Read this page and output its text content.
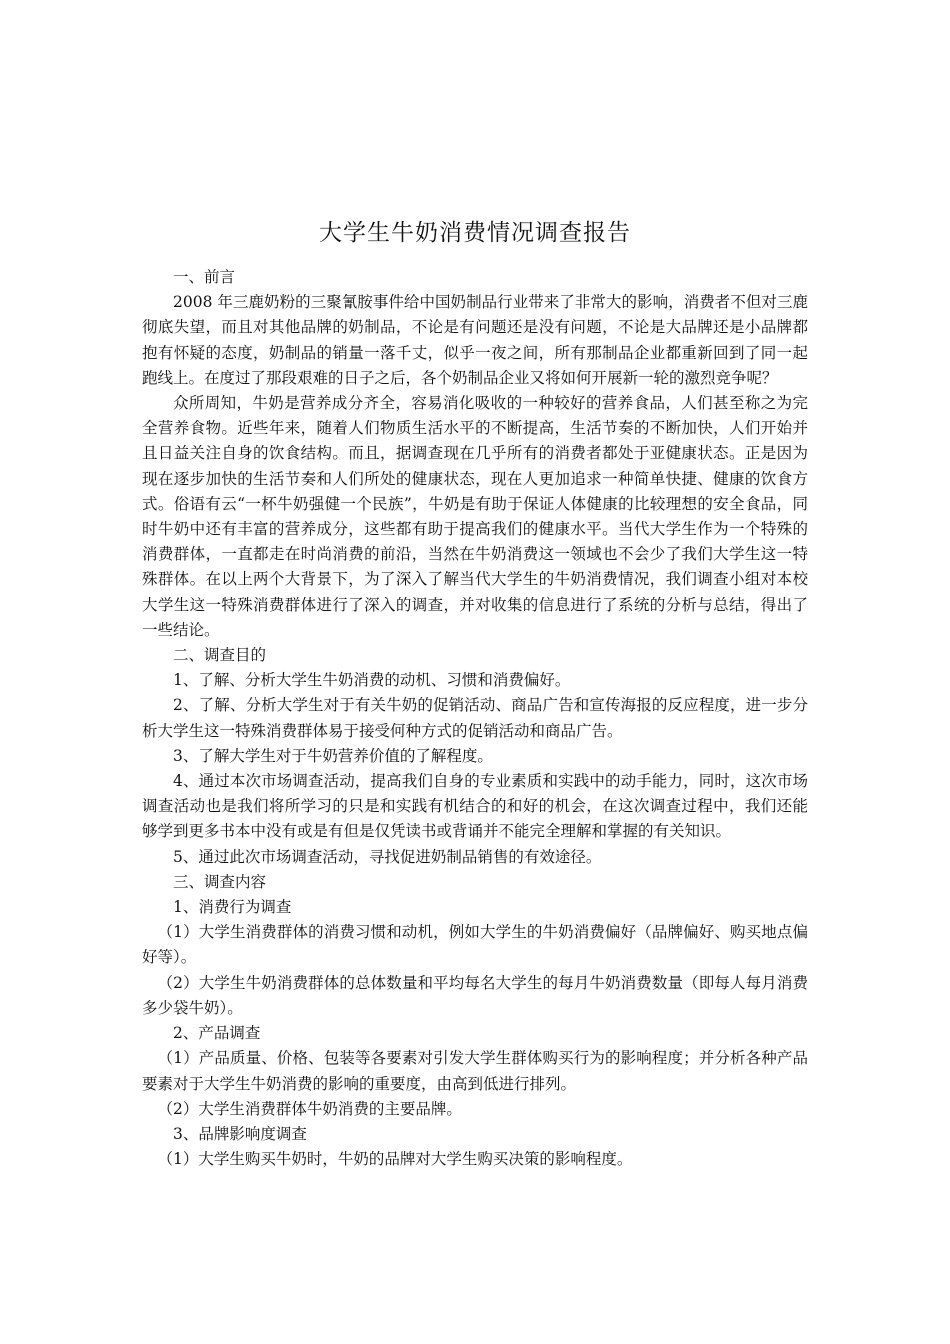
大学生牛奶消费情况调查报告

一、前言

2008 年三鹿奶粉的三聚氰胺事件给中国奶制品行业带来了非常大的影响，消费者不但对三鹿彻底失望，而且对其他品牌的奶制品，不论是有问题还是没有问题，不论是大品牌还是小品牌都抱有怀疑的态度，奶制品的销量一落千丈，似乎一夜之间，所有那制品企业都重新回到了同一起跑线上。在度过了那段艰难的日子之后，各个奶制品企业又将如何开展新一轮的激烈竞争呢？

众所周知，牛奶是营养成分齐全，容易消化吸收的一种较好的营养食品，人们甚至称之为完全营养食物。近些年来，随着人们物质生活水平的不断提高，生活节奏的不断加快，人们开始并且日益关注自身的饮食结构。而且，据调查现在几乎所有的消费者都处于亚健康状态。正是因为现在逐步加快的生活节奏和人们所处的健康状态，现在人更加追求一种简单快捷、健康的饮食方式。俗语有云“一杯牛奶强健一个民族”，牛奶是有助于保证人体健康的比较理想的安全食品，同时牛奶中还有丰富的营养成分，这些都有助于提高我们的健康水平。当代大学生作为一个特殊的消费群体，一直都走在时尚消费的前沿，当然在牛奶消费这一领域也不会少了我们大学生这一特殊群体。在以上两个大背景下，为了深入了解当代大学生的牛奶消费情况，我们调查小组对本校大学生这一特殊消费群体进行了深入的调查，并对收集的信息进行了系统的分析与总结，得出了一些结论。

二、调查目的

1、了解、分析大学生牛奶消费的动机、习惯和消费偏好。

2、了解、分析大学生对于有关牛奶的促销活动、商品广告和宣传海报的反应程度，进一步分析大学生这一特殊消费群体易于接受何种方式的促销活动和商品广告。

3、了解大学生对于牛奶营养价值的了解程度。

4、通过本次市场调查活动，提高我们自身的专业素质和实践中的动手能力，同时，这次市场调查活动也是我们将所学习的只是和实践有机结合的和好的机会，在这次调查过程中，我们还能够学到更多书本中没有或是有但是仅凭读书或背诵并不能完全理解和掌握的有关知识。

5、通过此次市场调查活动，寻找促进奶制品销售的有效途径。

三、调查内容

1、消费行为调查

（1）大学生消费群体的消费习惯和动机，例如大学生的牛奶消费偏好（品牌偏好、购买地点偏好等）。

（2）大学生牛奶消费群体的总体数量和平均每名大学生的每月牛奶消费数量（即每人每月消费多少袋牛奶）。

2、产品调查

（1）产品质量、价格、包装等各要素对引发大学生群体购买行为的影响程度；并分析各种产品要素对于大学生牛奶消费的影响的重要度，由高到低进行排列。

（2）大学生消费群体牛奶消费的主要品牌。

3、品牌影响度调查

（1）大学生购买牛奶时，牛奶的品牌对大学生购买决策的影响程度。
